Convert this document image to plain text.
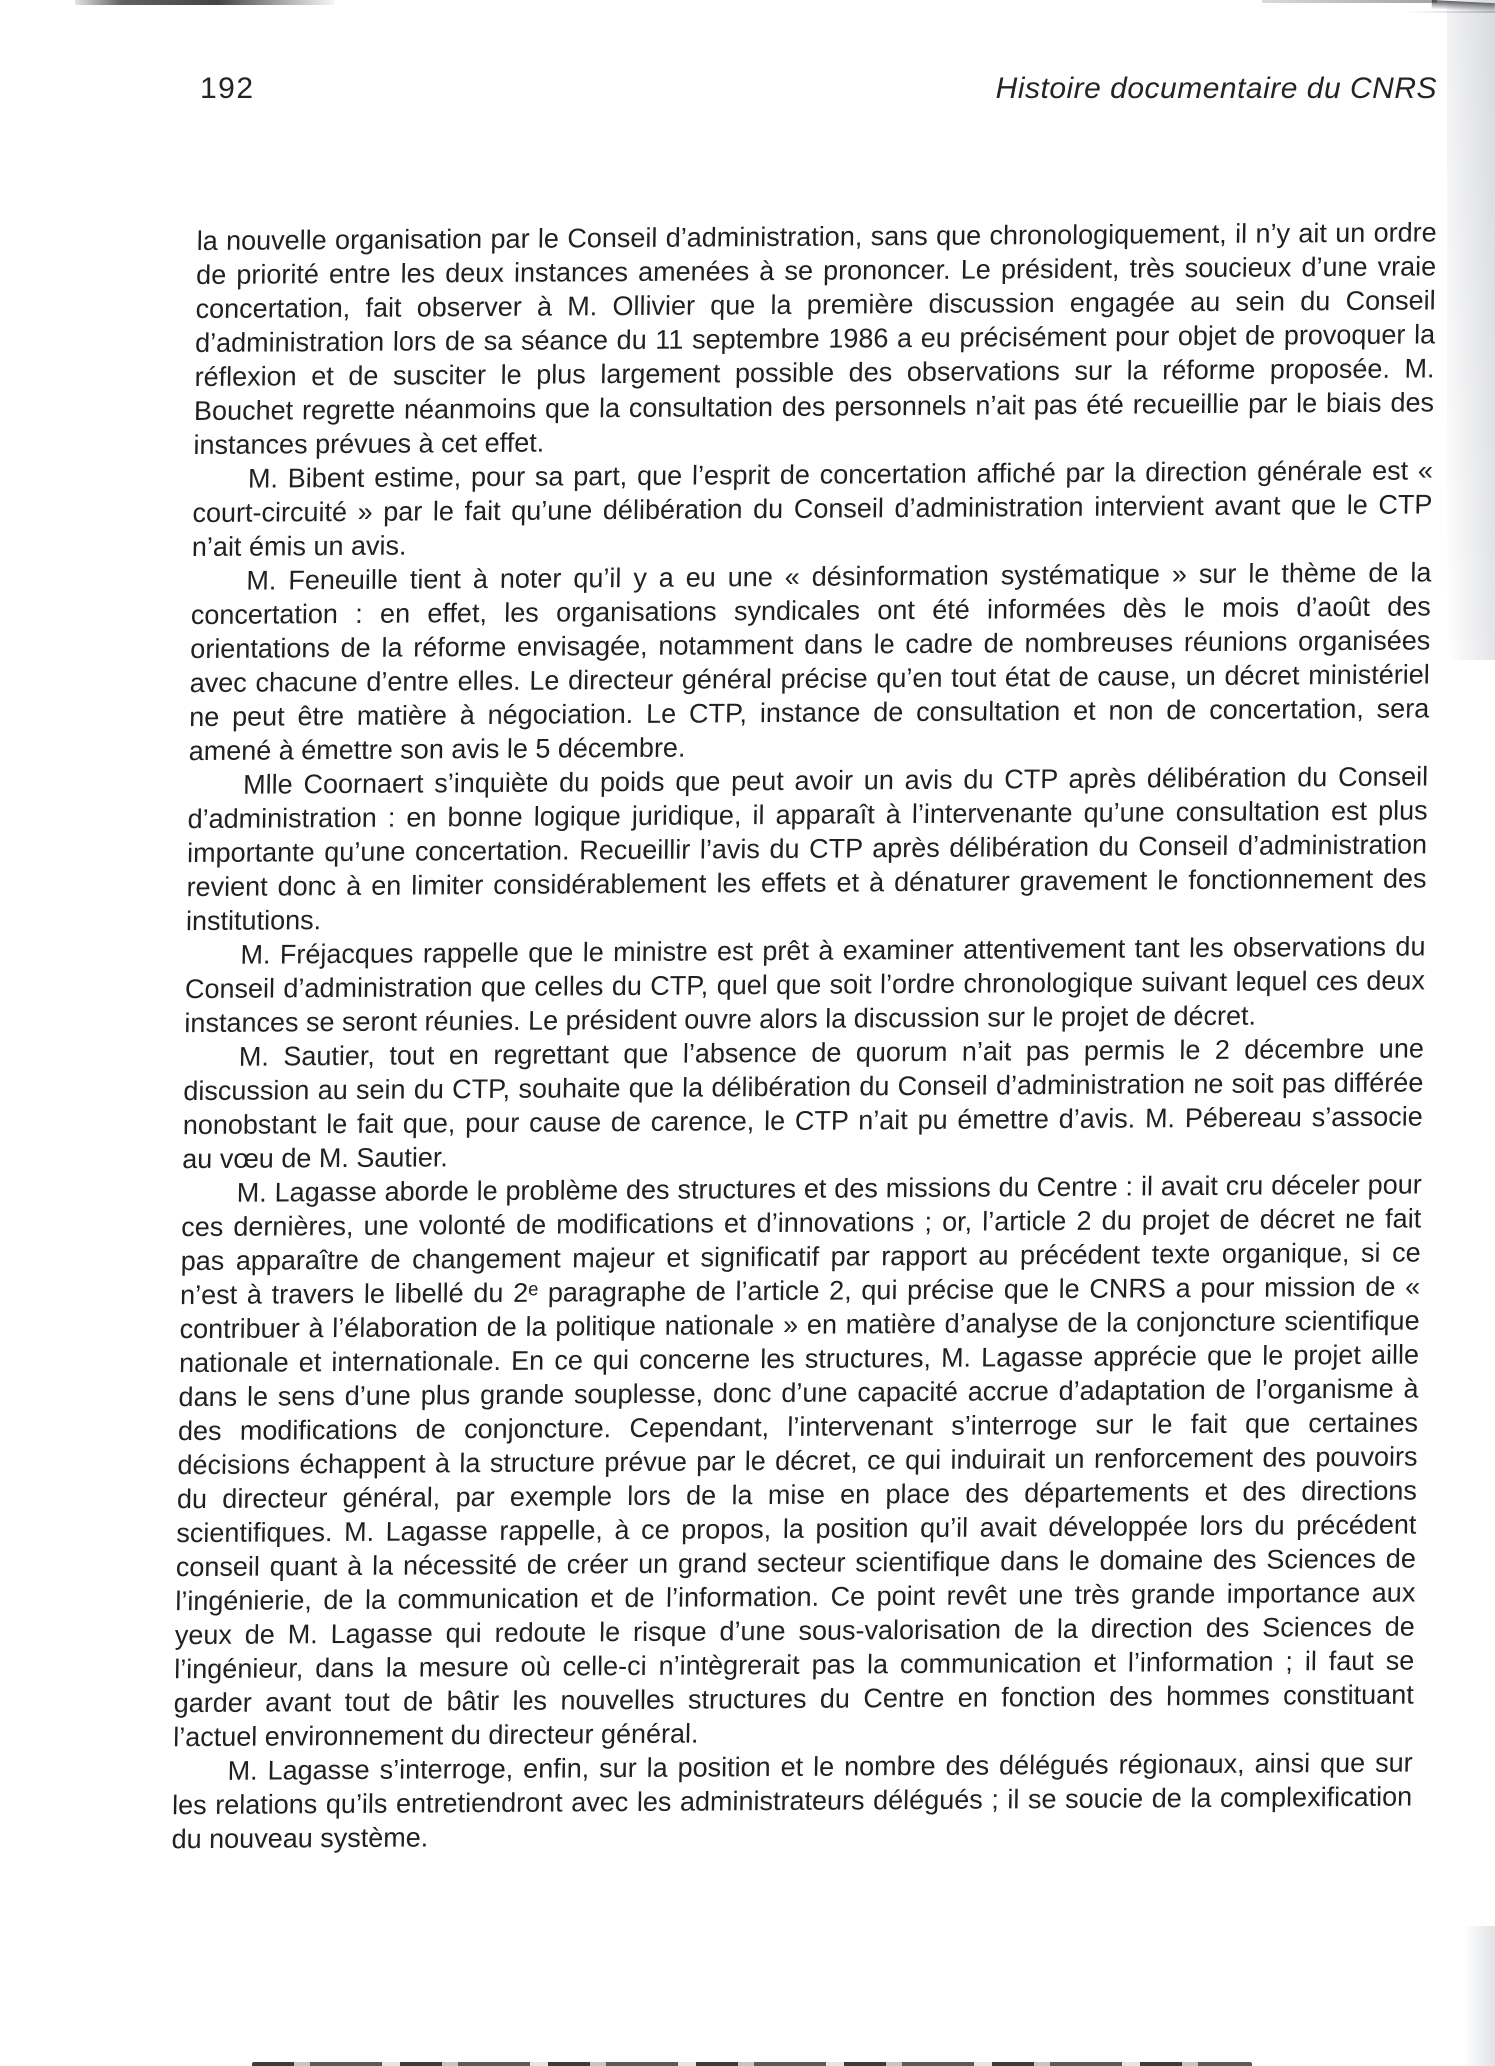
192	Histoire documentaire du CNRS

la nouvelle organisation par le Conseil d’administration, sans que chronologiquement, il n’y ait un ordre de priorité entre les deux instances amenées à se prononcer. Le président, très soucieux d’une vraie concertation, fait observer à M. Ollivier que la première discussion engagée au sein du Conseil d’administration lors de sa séance du 11 septembre 1986 a eu précisément pour objet de provoquer la réflexion et de susciter le plus largement possible des observations sur la réforme proposée. M. Bouchet regrette néanmoins que la consultation des personnels n’ait pas été recueillie par le biais des instances prévues à cet effet.

M. Bibent estime, pour sa part, que l’esprit de concertation affiché par la direction générale est « court-circuité » par le fait qu’une délibération du Conseil d’administration intervient avant que le CTP n’ait émis un avis.

M. Feneuille tient à noter qu’il y a eu une « désinformation systématique » sur le thème de la concertation : en effet, les organisations syndicales ont été informées dès le mois d’août des orientations de la réforme envisagée, notamment dans le cadre de nombreuses réunions organisées avec chacune d’entre elles. Le directeur général précise qu’en tout état de cause, un décret ministériel ne peut être matière à négociation. Le CTP, instance de consultation et non de concertation, sera amené à émettre son avis le 5 décembre.

Mlle Coornaert s’inquiète du poids que peut avoir un avis du CTP après délibération du Conseil d’administration : en bonne logique juridique, il apparaît à l’intervenante qu’une consultation est plus importante qu’une concertation. Recueillir l’avis du CTP après délibération du Conseil d’administration revient donc à en limiter considérablement les effets et à dénaturer gravement le fonctionnement des institutions.

M. Fréjacques rappelle que le ministre est prêt à examiner attentivement tant les observations du Conseil d’administration que celles du CTP, quel que soit l’ordre chronologique suivant lequel ces deux instances se seront réunies. Le président ouvre alors la discussion sur le projet de décret.

M. Sautier, tout en regrettant que l’absence de quorum n’ait pas permis le 2 décembre une discussion au sein du CTP, souhaite que la délibération du Conseil d’administration ne soit pas différée nonobstant le fait que, pour cause de carence, le CTP n’ait pu émettre d’avis. M. Pébereau s’associe au vœu de M. Sautier.

M. Lagasse aborde le problème des structures et des missions du Centre : il avait cru déceler pour ces dernières, une volonté de modifications et d’innovations ; or, l’article 2 du projet de décret ne fait pas apparaître de changement majeur et significatif par rapport au précédent texte organique, si ce n’est à travers le libellé du 2ᵉ paragraphe de l’article 2, qui précise que le CNRS a pour mission de « contribuer à l’élaboration de la politique nationale » en matière d’analyse de la conjoncture scientifique nationale et internationale. En ce qui concerne les structures, M. Lagasse apprécie que le projet aille dans le sens d’une plus grande souplesse, donc d’une capacité accrue d’adaptation de l’organisme à des modifications de conjoncture. Cependant, l’intervenant s’interroge sur le fait que certaines décisions échappent à la structure prévue par le décret, ce qui induirait un renforcement des pouvoirs du directeur général, par exemple lors de la mise en place des départements et des directions scientifiques. M. Lagasse rappelle, à ce propos, la position qu’il avait développée lors du précédent conseil quant à la nécessité de créer un grand secteur scientifique dans le domaine des Sciences de l’ingénierie, de la communication et de l’information. Ce point revêt une très grande importance aux yeux de M. Lagasse qui redoute le risque d’une sous-valorisation de la direction des Sciences de l’ingénieur, dans la mesure où celle-ci n’intègrerait pas la communication et l’information ; il faut se garder avant tout de bâtir les nouvelles structures du Centre en fonction des hommes constituant l’actuel environnement du directeur général.

M. Lagasse s’interroge, enfin, sur la position et le nombre des délégués régionaux, ainsi que sur les relations qu’ils entretiendront avec les administrateurs délégués ; il se soucie de la complexification du nouveau système.
